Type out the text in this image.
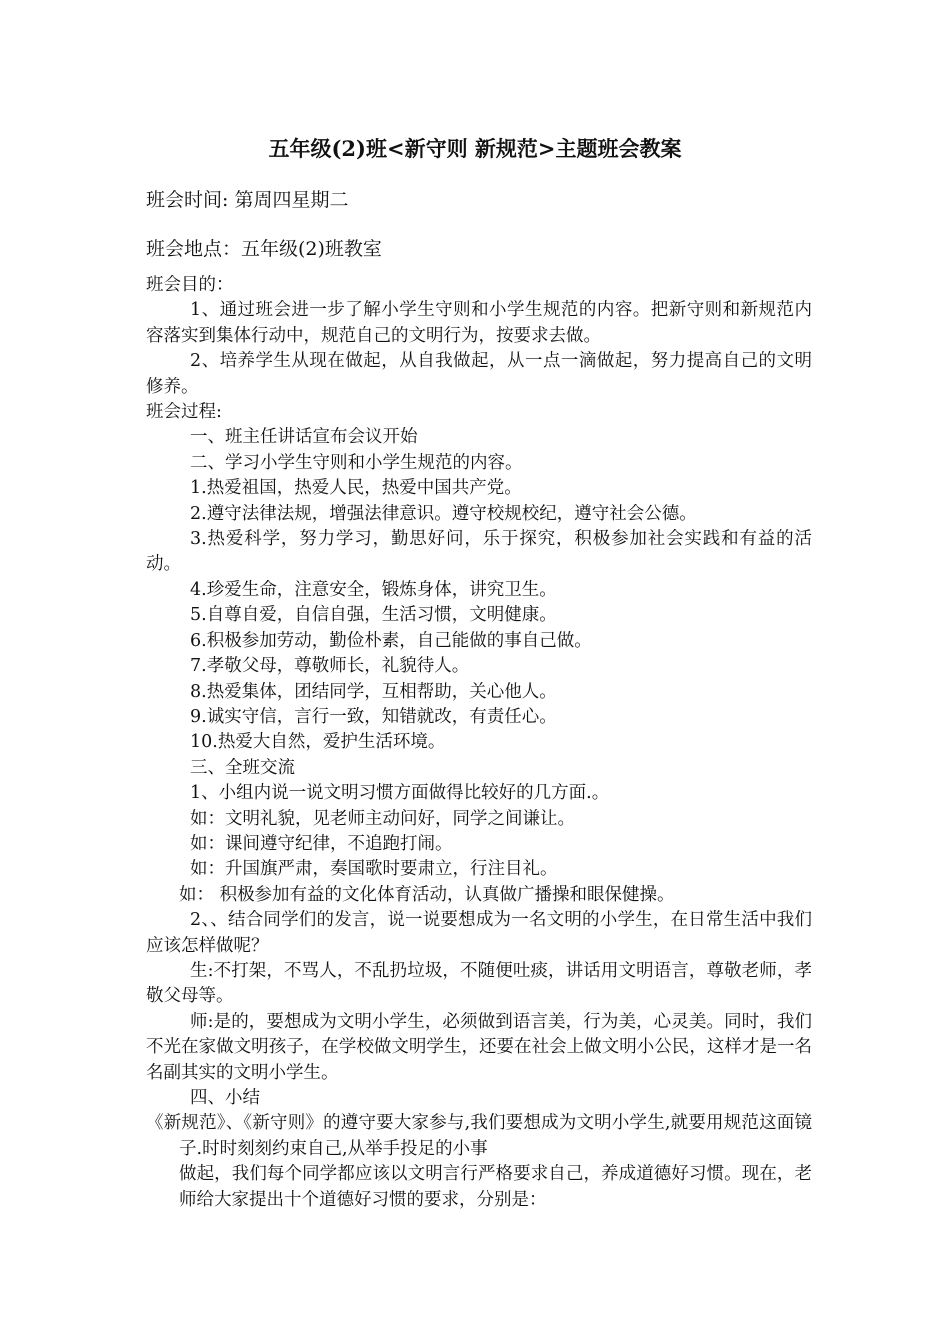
五年级(2)班<新守则 新规范>主题班会教案
班会时间: 第周四星期二
班会地点：五年级(2)班教室

班会目的：

1、通过班会进一步了解小学生守则和小学生规范的内容。把新守则和新规范内容落实到集体行动中，规范自己的文明行为，按要求去做。

2、培养学生从现在做起，从自我做起，从一点一滴做起，努力提高自己的文明修养。

班会过程:

一、班主任讲话宣布会议开始

二、学习小学生守则和小学生规范的内容。

1.热爱祖国，热爱人民，热爱中国共产党。

2.遵守法律法规，增强法律意识。遵守校规校纪，遵守社会公德。

3.热爱科学，努力学习，勤思好问，乐于探究，积极参加社会实践和有益的活动。

4.珍爱生命，注意安全，锻炼身体，讲究卫生。

5.自尊自爱，自信自强，生活习惯，文明健康。

6.积极参加劳动，勤俭朴素，自己能做的事自己做。

7.孝敬父母，尊敬师长，礼貌待人。

8.热爱集体，团结同学，互相帮助，关心他人。

9.诚实守信，言行一致，知错就改，有责任心。

10.热爱大自然，爱护生活环境。

三、全班交流

1、小组内说一说文明习惯方面做得比较好的几方面.。

如：文明礼貌，见老师主动问好，同学之间谦让。

如：课间遵守纪律，不追跑打闹。

如：升国旗严肃，奏国歌时要肃立，行注目礼。

如： 积极参加有益的文化体育活动，认真做广播操和眼保健操。

2、、结合同学们的发言，说一说要想成为一名文明的小学生，在日常生活中我们应该怎样做呢？

生:不打架，不骂人，不乱扔垃圾，不随便吐痰，讲话用文明语言，尊敬老师，孝敬父母等。

师:是的，要想成为文明小学生，必须做到语言美，行为美，心灵美。同时，我们不光在家做文明孩子，在学校做文明学生，还要在社会上做文明小公民，这样才是一名名副其实的文明小学生。

四、小结

《新规范》、《新守则》的遵守要大家参与,我们要想成为文明小学生,就要用规范这面镜子.时时刻刻约束自己,从举手投足的小事

做起，我们每个同学都应该以文明言行严格要求自己，养成道德好习惯。现在，老师给大家提出十个道德好习惯的要求，分别是：
